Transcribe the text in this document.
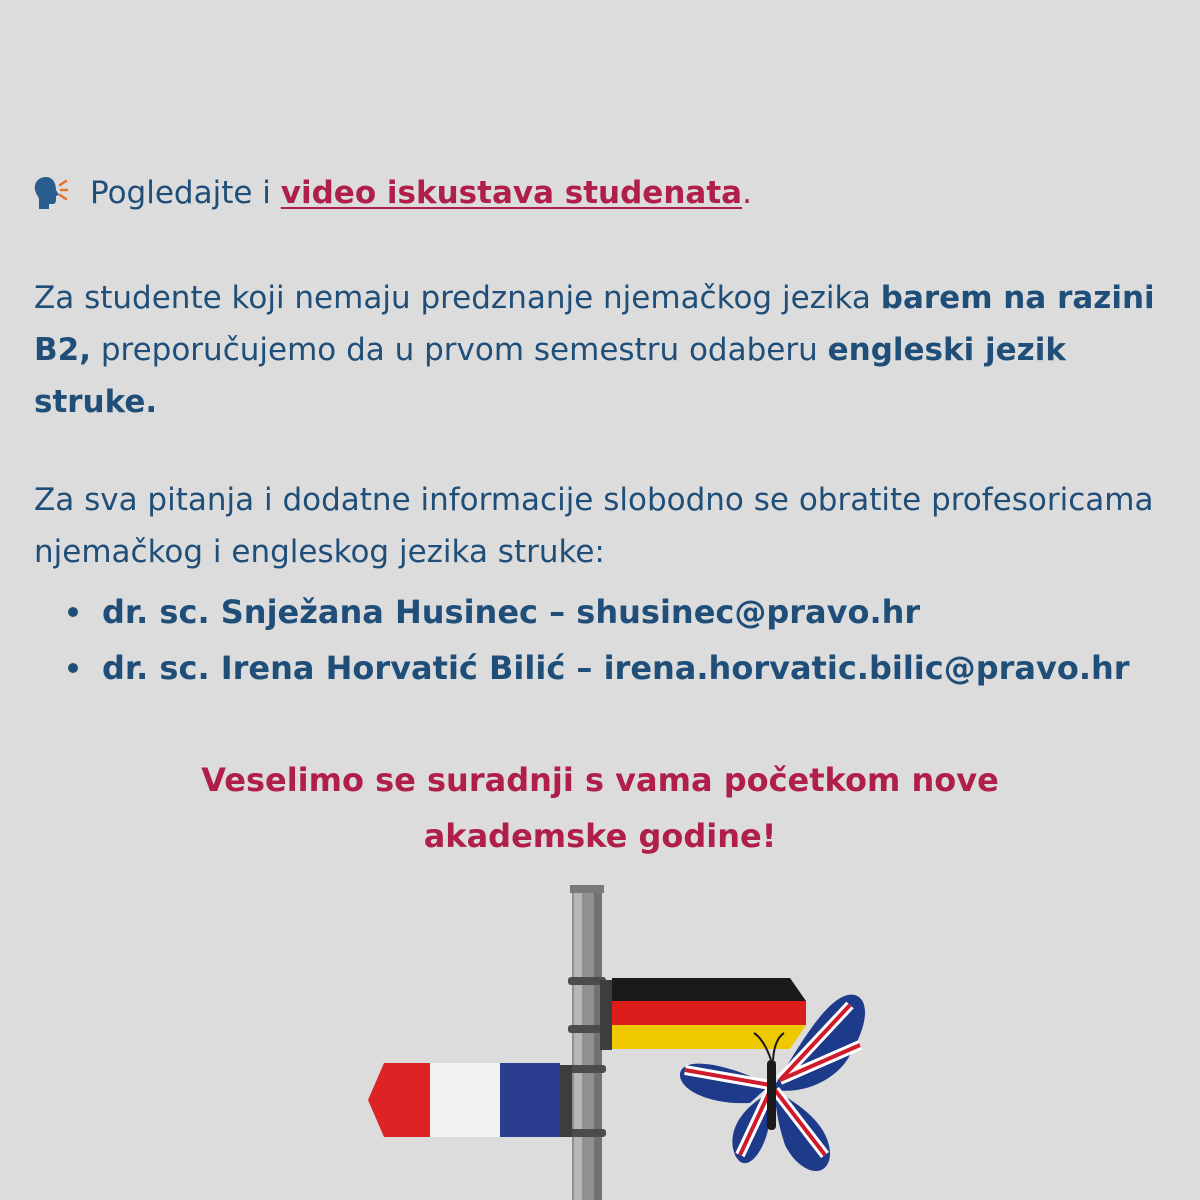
Pogledajte i
video iskustava studenata .

Za studente koji nemaju predznanje njemačkog jezika barem na razini B2, preporučujemo da u prvom semestru odaberu engleski jezik struke.

Za sva pitanja i dodatne informacije slobodno se obratite profesoricama njemačkog i engleskog jezika struke:

dr. sc. Snježana Husinec – shusinec@pravo.hr
dr. sc. Irena Horvatić Bilić – irena.horvatic.bilic@pravo.hr

Veselimo se suradnji s vama početkom nove
akademske godine!
